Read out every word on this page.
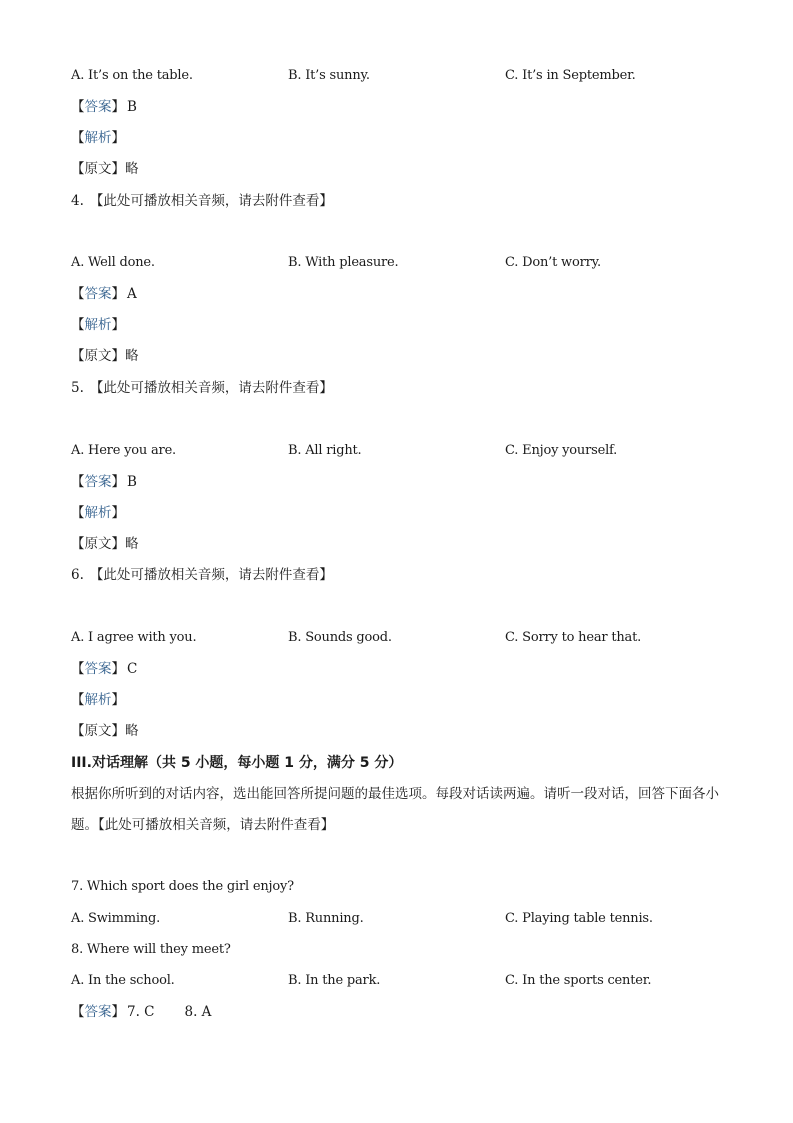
A. It’s on the table.	B. It’s sunny.	C. It’s in September.
【答案】 B
【解析】
【原文】略
4. 【此处可播放相关音频，请去附件查看】
A. Well done.	B. With pleasure.	C. Don’t worry.
【答案】 A
【解析】
【原文】略
5. 【此处可播放相关音频，请去附件查看】
A. Here you are.	B. All right.	C. Enjoy yourself.
【答案】 B
【解析】
【原文】略
6. 【此处可播放相关音频，请去附件查看】
A. I agree with you.	B. Sounds good.	C. Sorry to hear that.
【答案】 C
【解析】
【原文】略
III.对话理解（共 5 小题，每小题 1 分，满分 5 分）
根据你所听到的对话内容，选出能回答所提问题的最佳选项。每段对话读两遍。请听一段对话，回答下面各小题。【此处可播放相关音频，请去附件查看】
7. Which sport does the girl enjoy?
A. Swimming.	B. Running.	C. Playing table tennis.
8. Where will they meet?
A. In the school.	B. In the park.	C. In the sports center.
【答案】 7. C 8. A
